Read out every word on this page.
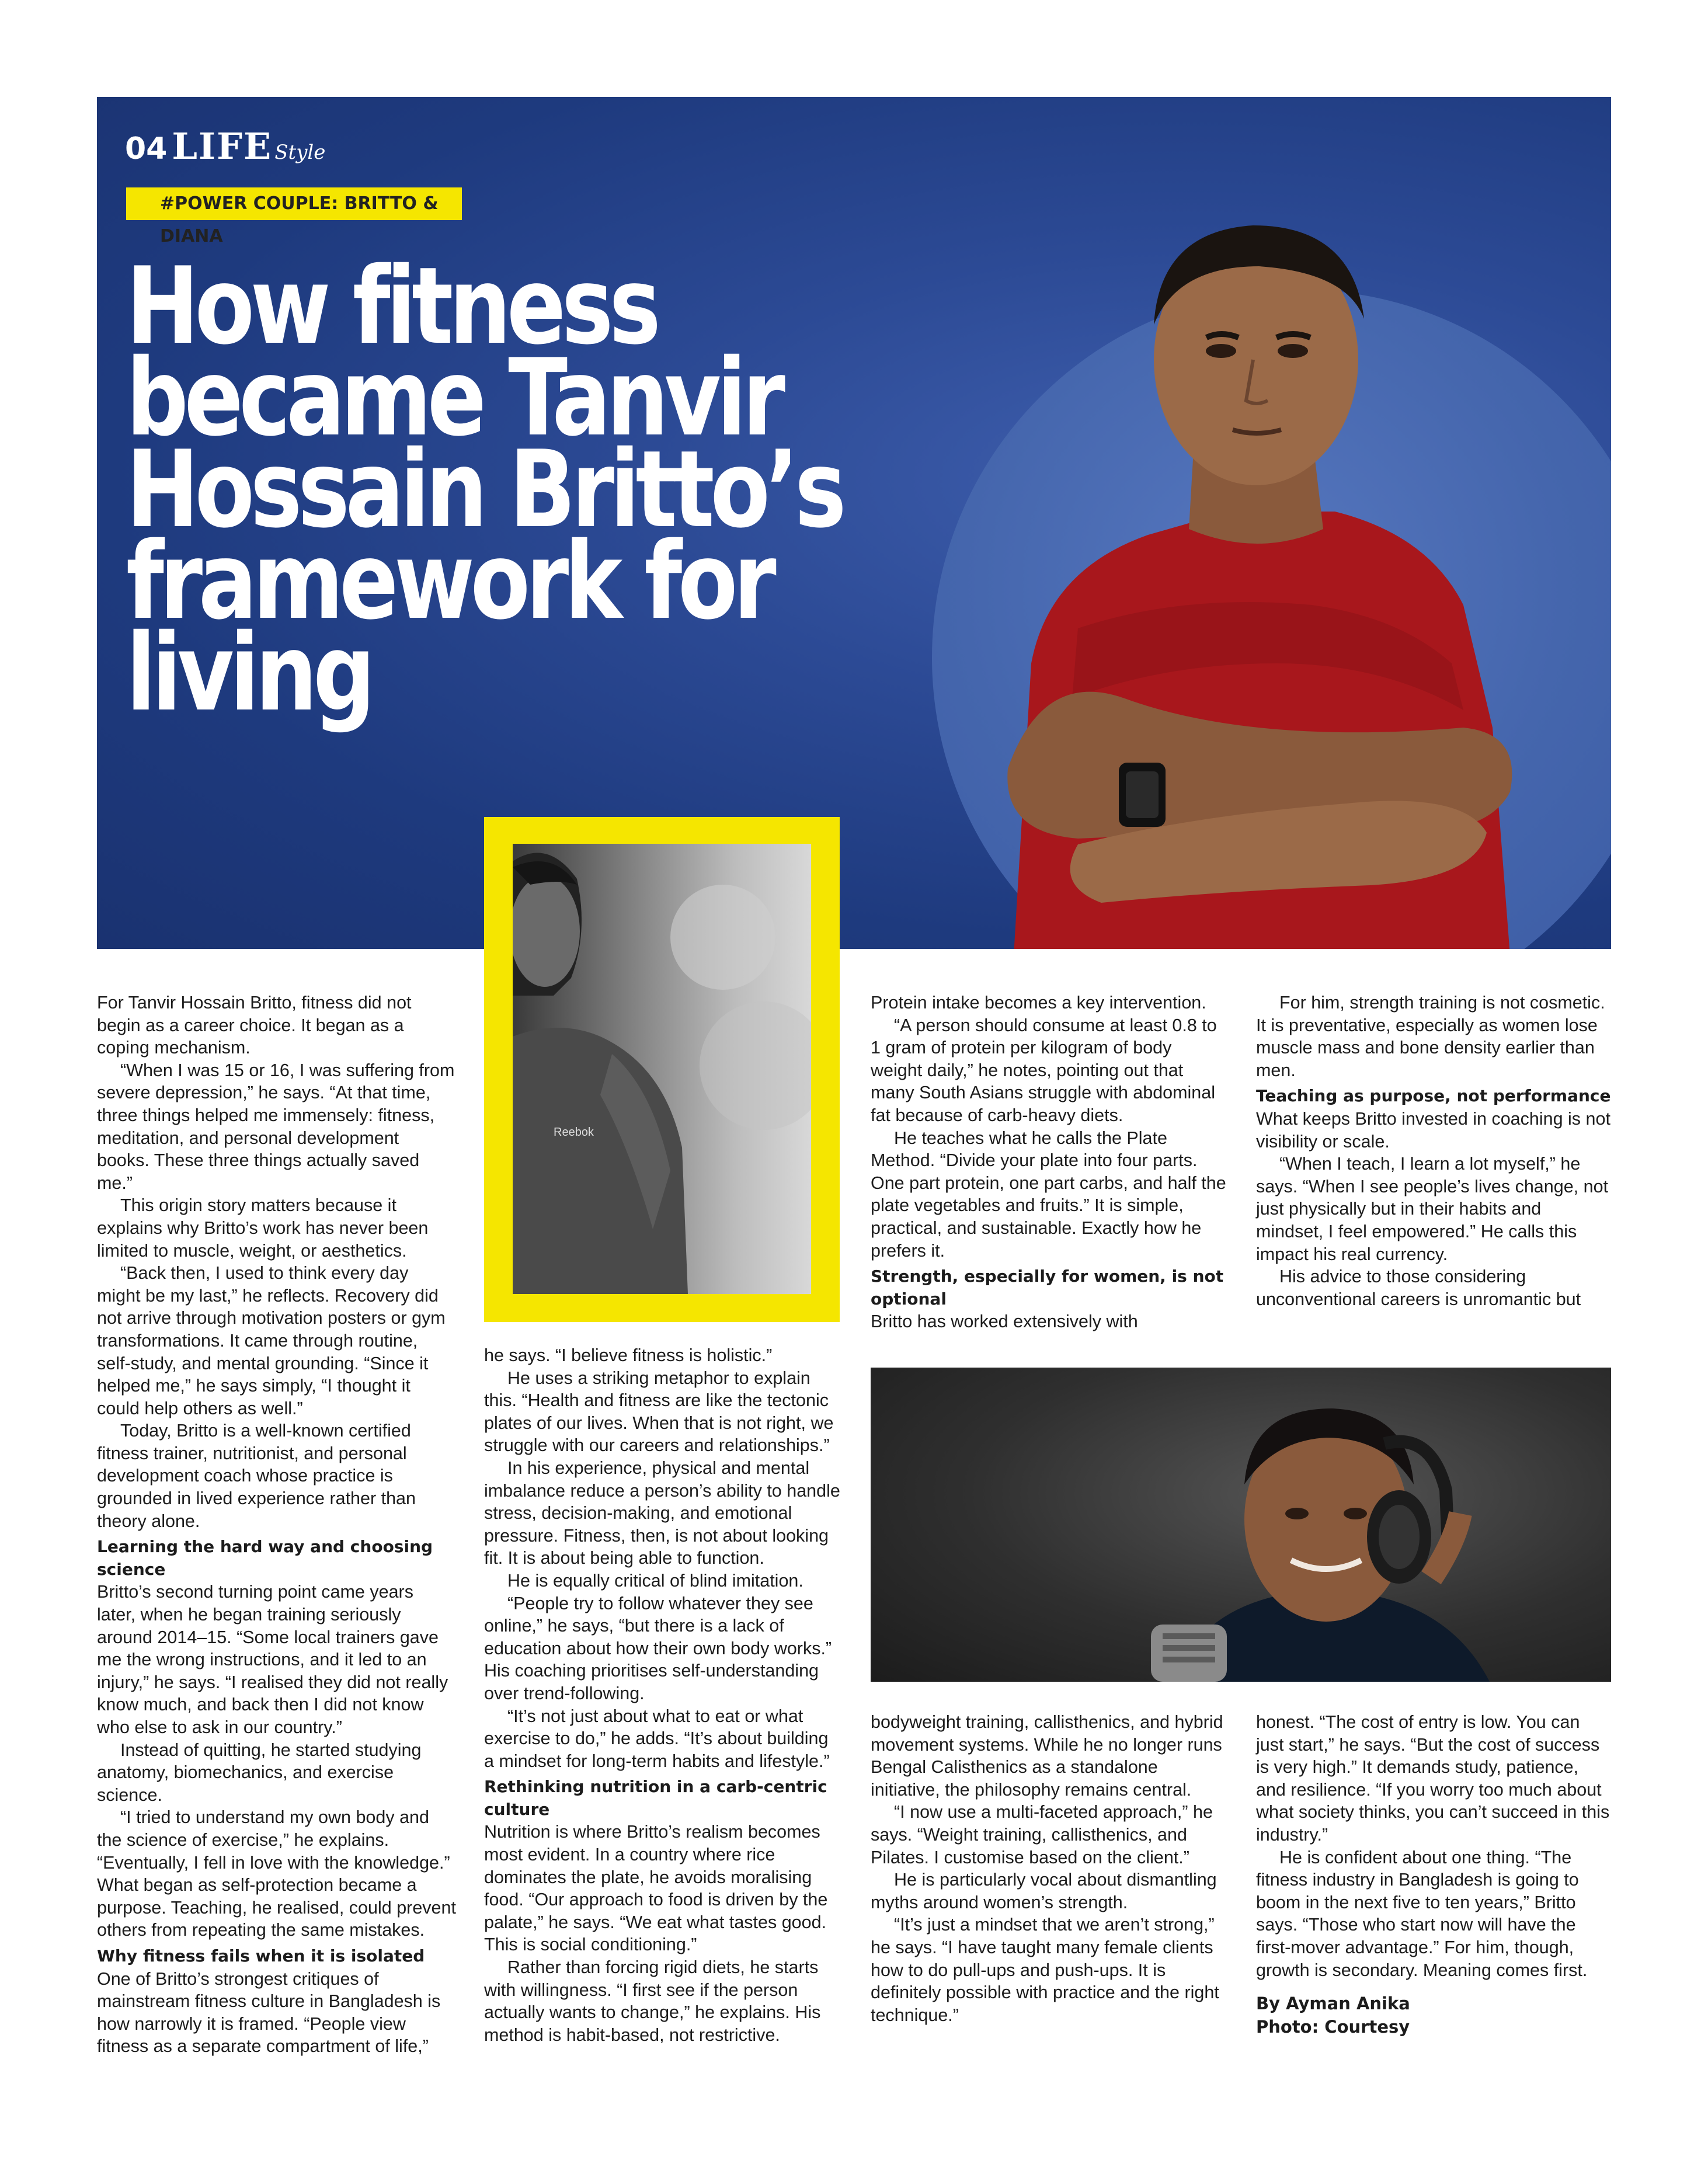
04 LIFE Style
#POWER COUPLE: BRITTO & DIANA
How fitness
became Tanvir
Hossain Britto’s
framework for
living
Reebok

For Tanvir Hossain Britto, fitness did not begin as a career choice. It began as a coping mechanism.

“When I was 15 or 16, I was suffering from severe depression,” he says. “At that time, three things helped me immensely: fitness, meditation, and personal development books. These three things actually saved me.”

This origin story matters because it explains why Britto’s work has never been limited to muscle, weight, or aesthetics.

“Back then, I used to think every day might be my last,” he reflects. Recovery did not arrive through motivation posters or gym transformations. It came through routine, self-study, and mental grounding. “Since it helped me,” he says simply, “I thought it could help others as well.”

Today, Britto is a well-known certified fitness trainer, nutritionist, and personal development coach whose practice is grounded in lived experience rather than theory alone.

Learning the hard way and choosing science

Britto’s second turning point came years later, when he began training seriously around 2014–15. “Some local trainers gave me the wrong instructions, and it led to an injury,” he says. “I realised they did not really know much, and back then I did not know who else to ask in our country.”

Instead of quitting, he started studying anatomy, biomechanics, and exercise science.

“I tried to understand my own body and the science of exercise,” he explains. “Eventually, I fell in love with the knowledge.” What began as self-protection became a purpose. Teaching, he realised, could prevent others from repeating the same mistakes.

Why fitness fails when it is isolated

One of Britto’s strongest critiques of mainstream fitness culture in Bangladesh is how narrowly it is framed. “People view fitness as a separate compartment of life,”

he says. “I believe fitness is holistic.”

He uses a striking metaphor to explain this. “Health and fitness are like the tectonic plates of our lives. When that is not right, we struggle with our careers and relationships.”

In his experience, physical and mental imbalance reduce a person’s ability to handle stress, decision-making, and emotional pressure. Fitness, then, is not about looking fit. It is about being able to function.

He is equally critical of blind imitation.

“People try to follow whatever they see online,” he says, “but there is a lack of education about how their own body works.” His coaching prioritises self-understanding over trend-following.

“It’s not just about what to eat or what exercise to do,” he adds. “It’s about building a mindset for long-term habits and lifestyle.”

Rethinking nutrition in a carb-centric culture

Nutrition is where Britto’s realism becomes most evident. In a country where rice dominates the plate, he avoids moralising food. “Our approach to food is driven by the palate,” he says. “We eat what tastes good. This is social conditioning.”

Rather than forcing rigid diets, he starts with willingness. “I first see if the person actually wants to change,” he explains. His method is habit-based, not restrictive.

Protein intake becomes a key intervention.

“A person should consume at least 0.8 to 1 gram of protein per kilogram of body weight daily,” he notes, pointing out that many South Asians struggle with abdominal fat because of carb-heavy diets.

He teaches what he calls the Plate Method. “Divide your plate into four parts. One part protein, one part carbs, and half the plate vegetables and fruits.” It is simple, practical, and sustainable. Exactly how he prefers it.

Strength, especially for women, is not optional

Britto has worked extensively with

For him, strength training is not cosmetic. It is preventative, especially as women lose muscle mass and bone density earlier than men.

Teaching as purpose, not performance

What keeps Britto invested in coaching is not visibility or scale.

“When I teach, I learn a lot myself,” he says. “When I see people’s lives change, not just physically but in their habits and mindset, I feel empowered.” He calls this impact his real currency.

His advice to those considering unconventional careers is unromantic but

bodyweight training, callisthenics, and hybrid movement systems. While he no longer runs Bengal Calisthenics as a standalone initiative, the philosophy remains central.

“I now use a multi-faceted approach,” he says. “Weight training, callisthenics, and Pilates. I customise based on the client.”

He is particularly vocal about dismantling myths around women’s strength.

“It’s just a mindset that we aren’t strong,” he says. “I have taught many female clients how to do pull-ups and push-ups. It is definitely possible with practice and the right technique.”

honest. “The cost of entry is low. You can just start,” he says. “But the cost of success is very high.” It demands study, patience, and resilience. “If you worry too much about what society thinks, you can’t succeed in this industry.”

He is confident about one thing. “The fitness industry in Bangladesh is going to boom in the next five to ten years,” Britto says. “Those who start now will have the first-mover advantage.” For him, though, growth is secondary. Meaning comes first.

By Ayman Anika
Photo: Courtesy
